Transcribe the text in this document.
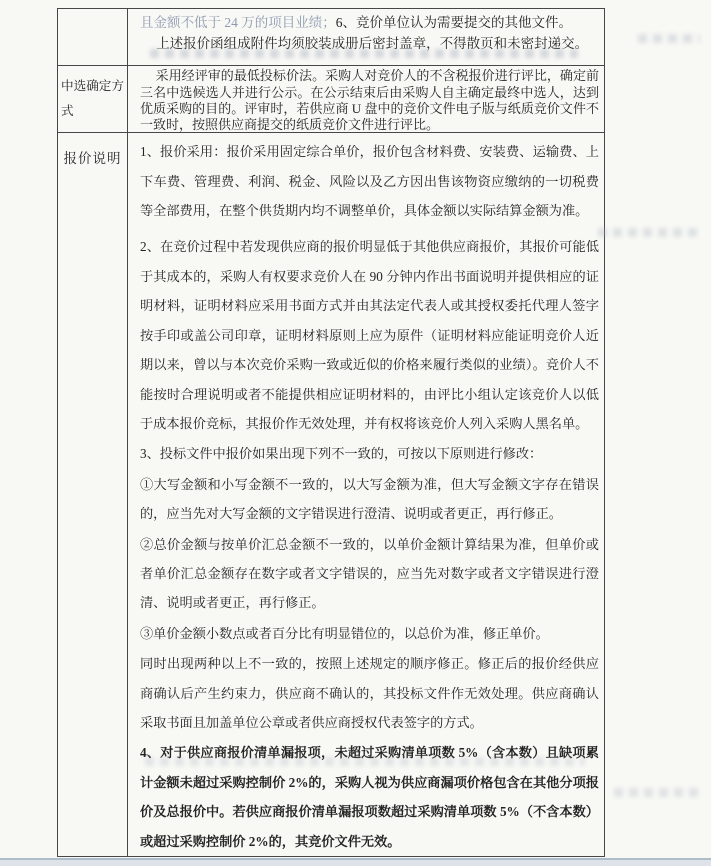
且金额不低于 24 万的项目业绩；6、竞价单位认为需要提交的其他文件。
上述报价函组成附件均须胶装成册后密封盖章，不得散页和未密封递交。
中选确定方式
采用经评审的最低投标价法。采购人对竞价人的不含税报价进行评比，确定前三名中选候选人并进行公示。在公示结束后由采购人自主确定最终中选人，达到优质采购的目的。评审时，若供应商 U 盘中的竞价文件电子版与纸质竞价文件不一致时，按照供应商提交的纸质竞价文件进行评比。
报价说明	1、报价采用：报价采用固定综合单价，报价包含材料费、安装费、运输费、上下车费、管理费、利润、税金、风险以及乙方因出售该物资应缴纳的一切税费等全部费用，在整个供货期内均不调整单价，具体金额以实际结算金额为准。

2、在竞价过程中若发现供应商的报价明显低于其他供应商报价，其报价可能低于其成本的，采购人有权要求竞价人在 90 分钟内作出书面说明并提供相应的证明材料，证明材料应采用书面方式并由其法定代表人或其授权委托代理人签字按手印或盖公司印章，证明材料原则上应为原件（证明材料应能证明竞价人近期以来，曾以与本次竞价采购一致或近似的价格来履行类似的业绩）。竞价人不能按时合理说明或者不能提供相应证明材料的，由评比小组认定该竞价人以低于成本报价竞标，其报价作无效处理，并有权将该竞价人列入采购人黑名单。

3、投标文件中报价如果出现下列不一致的，可按以下原则进行修改：

①大写金额和小写金额不一致的，以大写金额为准，但大写金额文字存在错误的，应当先对大写金额的文字错误进行澄清、说明或者更正，再行修正。

②总价金额与按单价汇总金额不一致的，以单价金额计算结果为准，但单价或者单价汇总金额存在数字或者文字错误的，应当先对数字或者文字错误进行澄清、说明或者更正，再行修正。

③单价金额小数点或者百分比有明显错位的，以总价为准，修正单价。

同时出现两种以上不一致的，按照上述规定的顺序修正。修正后的报价经供应商确认后产生约束力，供应商不确认的，其投标文件作无效处理。供应商确认采取书面且加盖单位公章或者供应商授权代表签字的方式。

4、对于供应商报价清单漏报项，未超过采购清单项数 5%（含本数）且缺项累计金额未超过采购控制价 2%的，采购人视为供应商漏项价格包含在其他分项报价及总报价中。若供应商报价清单漏报项数超过采购清单项数 5%（不含本数）或超过采购控制价 2%的，其竞价文件无效。
